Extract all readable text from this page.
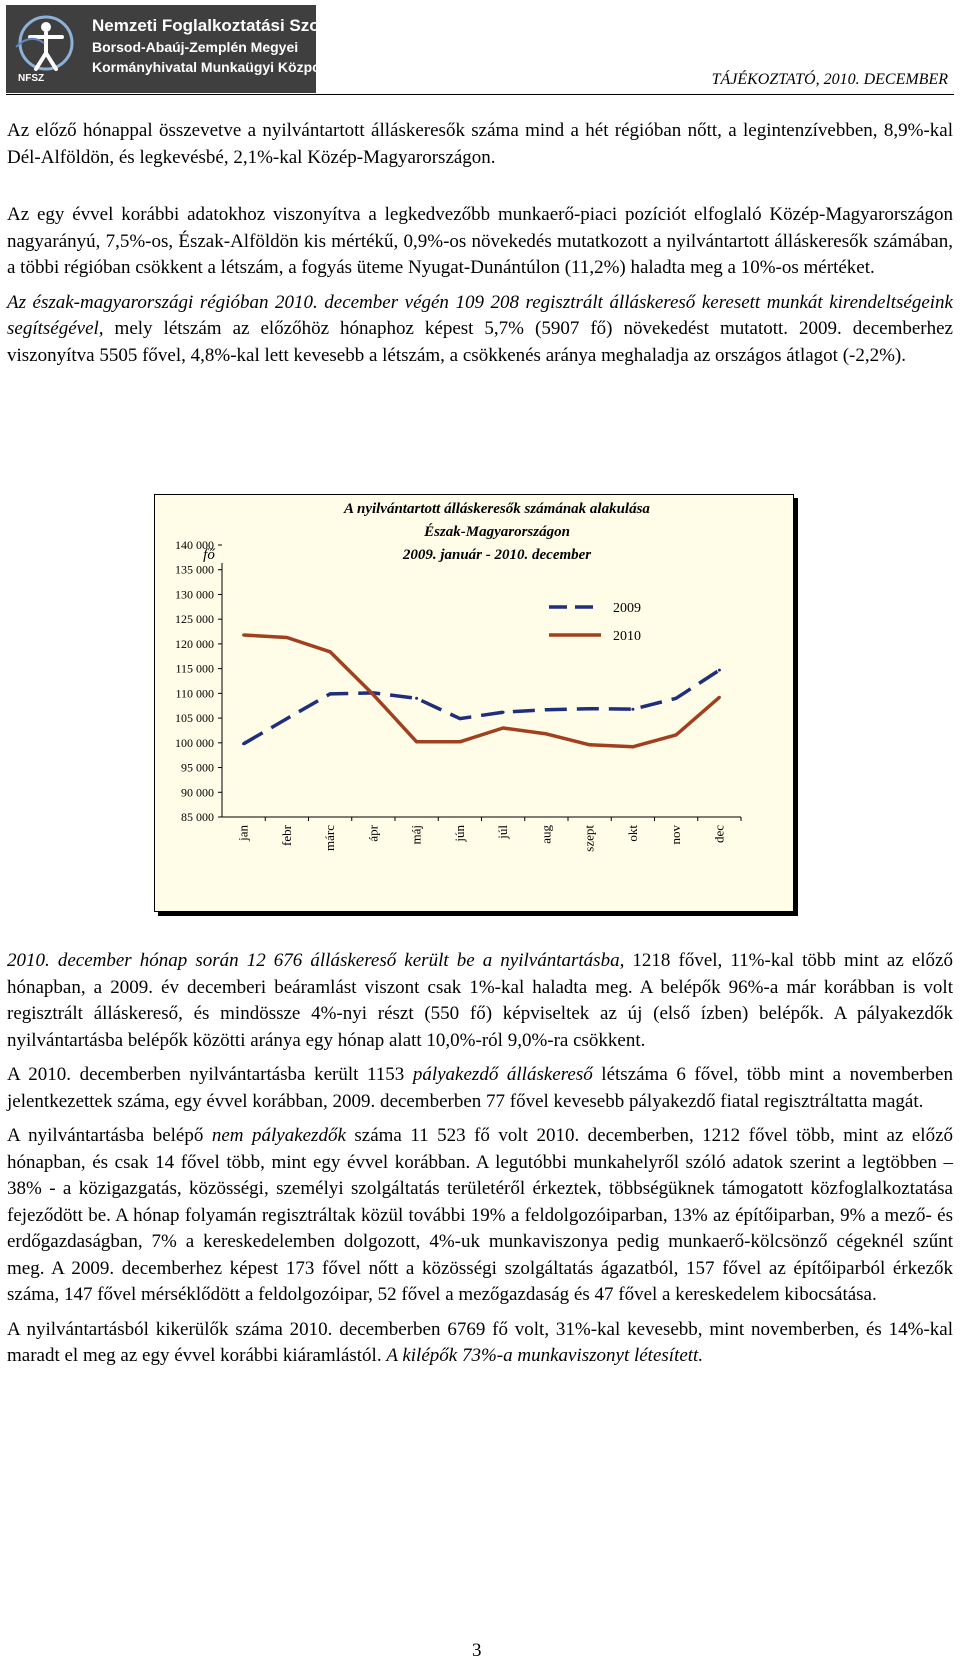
NFSZ
Nemzeti Foglalkoztatási Szolgálat
Borsod-Abaúj-Zemplén Megyei
Kormányhivatal Munkaügyi Központja
TÁJÉKOZTATÓ, 2010. DECEMBER

Az előző hónappal összevetve a nyilvántartott álláskeresők száma mind a hét régióban nőtt, a legintenzívebben, 8,9%-kal Dél-Alföldön, és legkevésbé, 2,1%-kal Közép-Magyarországon.

Az egy évvel korábbi adatokhoz viszonyítva a legkedvezőbb munkaerő-piaci pozíciót elfoglaló Közép-Magyarországon nagyarányú, 7,5%-os, Észak-Alföldön kis mértékű, 0,9%-os növekedés mutatkozott a nyilvántartott álláskeresők számában, a többi régióban csökkent a létszám, a fogyás üteme Nyugat-Dunántúlon (11,2%) haladta meg a 10%-os mértéket.

Az észak-magyarországi régióban 2010. december végén 109 208 regisztrált álláskereső keresett munkát kirendeltségeink segítségével, mely létszám az előzőhöz hónaphoz képest 5,7% (5907 fő) növekedést mutatott. 2009. decemberhez viszonyítva 5505 fővel, 4,8%-kal lett kevesebb a létszám, a csökkenés aránya meghaladja az országos átlagot (-2,2%).

A nyilvántartott álláskeresők számának alakulása
Észak-Magyarországon
2009. január - 2010. december
fő
140 000
135 000
130 000
125 000
120 000
115 000
110 000
105 000
100 000
95 000
90 000
85 000
jan febr márc ápr máj jún júl aug szept okt nov dec
2009
2010

2010. december hónap során 12 676 álláskereső került be a nyilvántartásba, 1218 fővel, 11%-kal több mint az előző hónapban, a 2009. év decemberi beáramlást viszont csak 1%-kal haladta meg. A belépők 96%-a már korábban is volt regisztrált álláskereső, és mindössze 4%-nyi részt (550 fő) képviseltek az új (első ízben) belépők. A pályakezdők nyilvántartásba belépők közötti aránya egy hónap alatt 10,0%-ról 9,0%-ra csökkent.

A 2010. decemberben nyilvántartásba került 1153 pályakezdő álláskereső létszáma 6 fővel, több mint a novemberben jelentkezettek száma, egy évvel korábban, 2009. decemberben 77 fővel kevesebb pályakezdő fiatal regisztráltatta magát.

A nyilvántartásba belépő nem pályakezdők száma 11 523 fő volt 2010. decemberben, 1212 fővel több, mint az előző hónapban, és csak 14 fővel több, mint egy évvel korábban. A legutóbbi munkahelyről szóló adatok szerint a legtöbben – 38% - a közigazgatás, közösségi, személyi szolgáltatás területéről érkeztek, többségüknek támogatott közfoglalkoztatása fejeződött be. A hónap folyamán regisztráltak közül további 19% a feldolgozóiparban, 13% az építőiparban, 9% a mező- és erdőgazdaságban, 7% a kereskedelemben dolgozott, 4%-uk munkaviszonya pedig munkaerő-kölcsönző cégeknél szűnt meg. A 2009. decemberhez képest 173 fővel nőtt a közösségi szolgáltatás ágazatból, 157 fővel az építőiparból érkezők száma, 147 fővel mérséklődött a feldolgozóipar, 52 fővel a mezőgazdaság és 47 fővel a kereskedelem kibocsátása.

A nyilvántartásból kikerülők száma 2010. decemberben 6769 fő volt, 31%-kal kevesebb, mint novemberben, és 14%-kal maradt el meg az egy évvel korábbi kiáramlástól. A kilépők 73%-a munkaviszonyt létesített.

3
